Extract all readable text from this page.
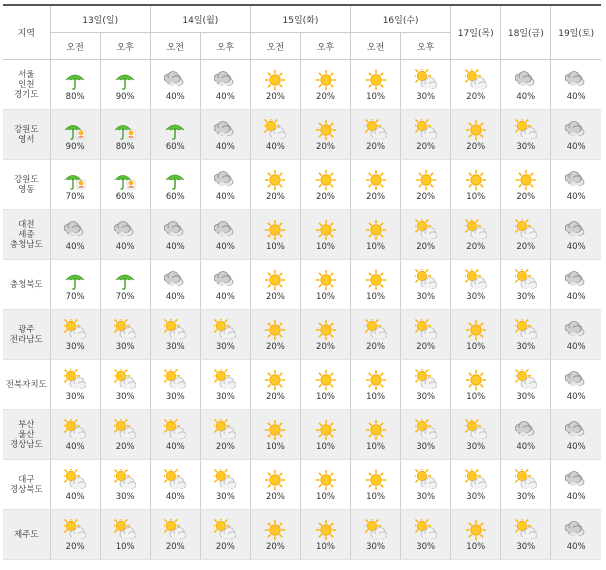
지역	13일(일)		14일(월)		15일(화)		16일(수)		17일(목)	18일(금)	19일(토)
	오전	오후	오전	오후	오전	오후	오전	오후			

서울
인천
경기도	80%	90%	40%	40%	20%	20%	10%	30%	20%	40%	40%

강원도
영서	90%	80%	60%	40%	40%	20%	20%	20%	20%	30%	40%

강원도
영동	70%	60%	60%	40%	20%	20%	20%	20%	10%	20%	40%

대전
세종
충청남도	40%	40%	40%	40%	10%	10%	10%	20%	20%	20%	40%

충청북도	70%	70%	40%	40%	20%	10%	10%	30%	30%	30%	40%

광주
전라남도	30%	30%	30%	30%	20%	20%	20%	20%	10%	30%	40%

전북자치도	30%	30%	30%	30%	20%	10%	10%	30%	10%	30%	40%

부산
울산
경상남도	40%	20%	40%	20%	10%	10%	10%	30%	30%	40%	40%

대구
경상북도	40%	30%	40%	30%	20%	10%	10%	30%	30%	30%	40%

제주도	20%	10%	20%	20%	20%	10%	30%	30%	10%	30%	40%
